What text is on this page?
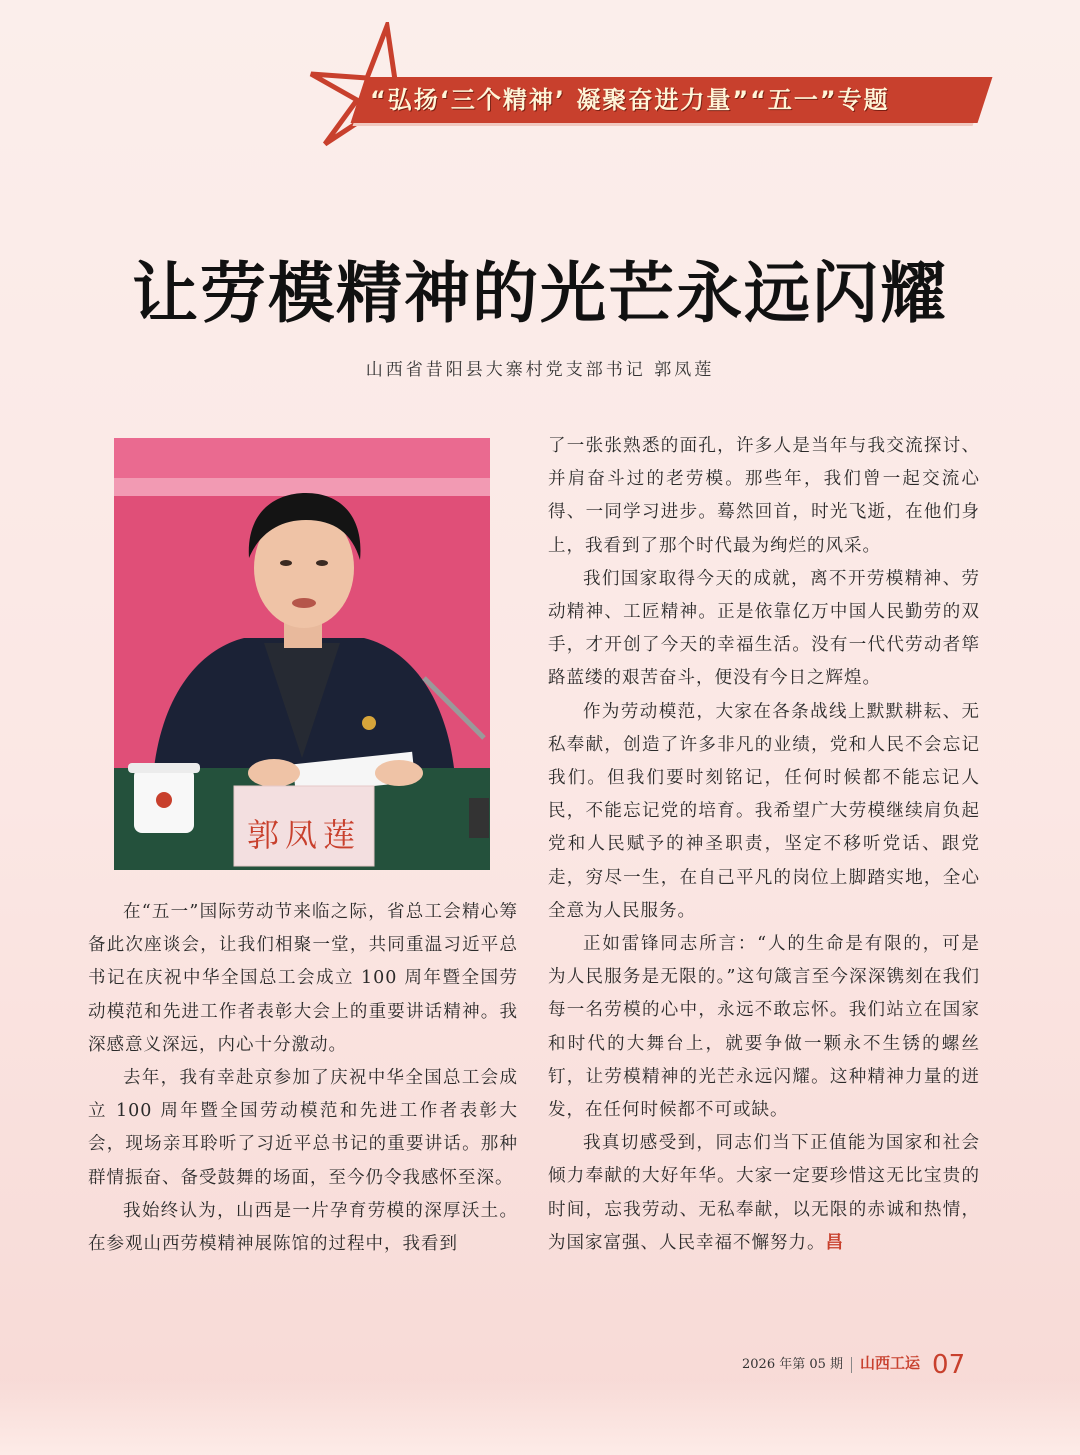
“弘扬‘三个精神’ 凝聚奋进力量”“五一”专题
让劳模精神的光芒永远闪耀
山西省昔阳县大寨村党支部书记 郭凤莲
郭凤莲

在“五一”国际劳动节来临之际，省总工会精心筹备此次座谈会，让我们相聚一堂，共同重温习近平总书记在庆祝中华全国总工会成立 100 周年暨全国劳动模范和先进工作者表彰大会上的重要讲话精神。我深感意义深远，内心十分激动。

去年，我有幸赴京参加了庆祝中华全国总工会成立 100 周年暨全国劳动模范和先进工作者表彰大会，现场亲耳聆听了习近平总书记的重要讲话。那种群情振奋、备受鼓舞的场面，至今仍令我感怀至深。

我始终认为，山西是一片孕育劳模的深厚沃土。在参观山西劳模精神展陈馆的过程中，我看到

了一张张熟悉的面孔，许多人是当年与我交流探讨、并肩奋斗过的老劳模。那些年，我们曾一起交流心得、一同学习进步。蓦然回首，时光飞逝，在他们身上，我看到了那个时代最为绚烂的风采。

我们国家取得今天的成就，离不开劳模精神、劳动精神、工匠精神。正是依靠亿万中国人民勤劳的双手，才开创了今天的幸福生活。没有一代代劳动者筚路蓝缕的艰苦奋斗，便没有今日之辉煌。

作为劳动模范，大家在各条战线上默默耕耘、无私奉献，创造了许多非凡的业绩，党和人民不会忘记我们。但我们要时刻铭记，任何时候都不能忘记人民，不能忘记党的培育。我希望广大劳模继续肩负起党和人民赋予的神圣职责，坚定不移听党话、跟党走，穷尽一生，在自己平凡的岗位上脚踏实地，全心全意为人民服务。

正如雷锋同志所言：“人的生命是有限的，可是为人民服务是无限的。”这句箴言至今深深镌刻在我们每一名劳模的心中，永远不敢忘怀。我们站立在国家和时代的大舞台上，就要争做一颗永不生锈的螺丝钉，让劳模精神的光芒永远闪耀。这种精神力量的迸发，在任何时候都不可或缺。

我真切感受到，同志们当下正值能为国家和社会倾力奉献的大好年华。大家一定要珍惜这无比宝贵的时间，忘我劳动、无私奉献，以无限的赤诚和热情，为国家富强、人民幸福不懈努力。昌

2026 年第 05 期 山西工运 07
